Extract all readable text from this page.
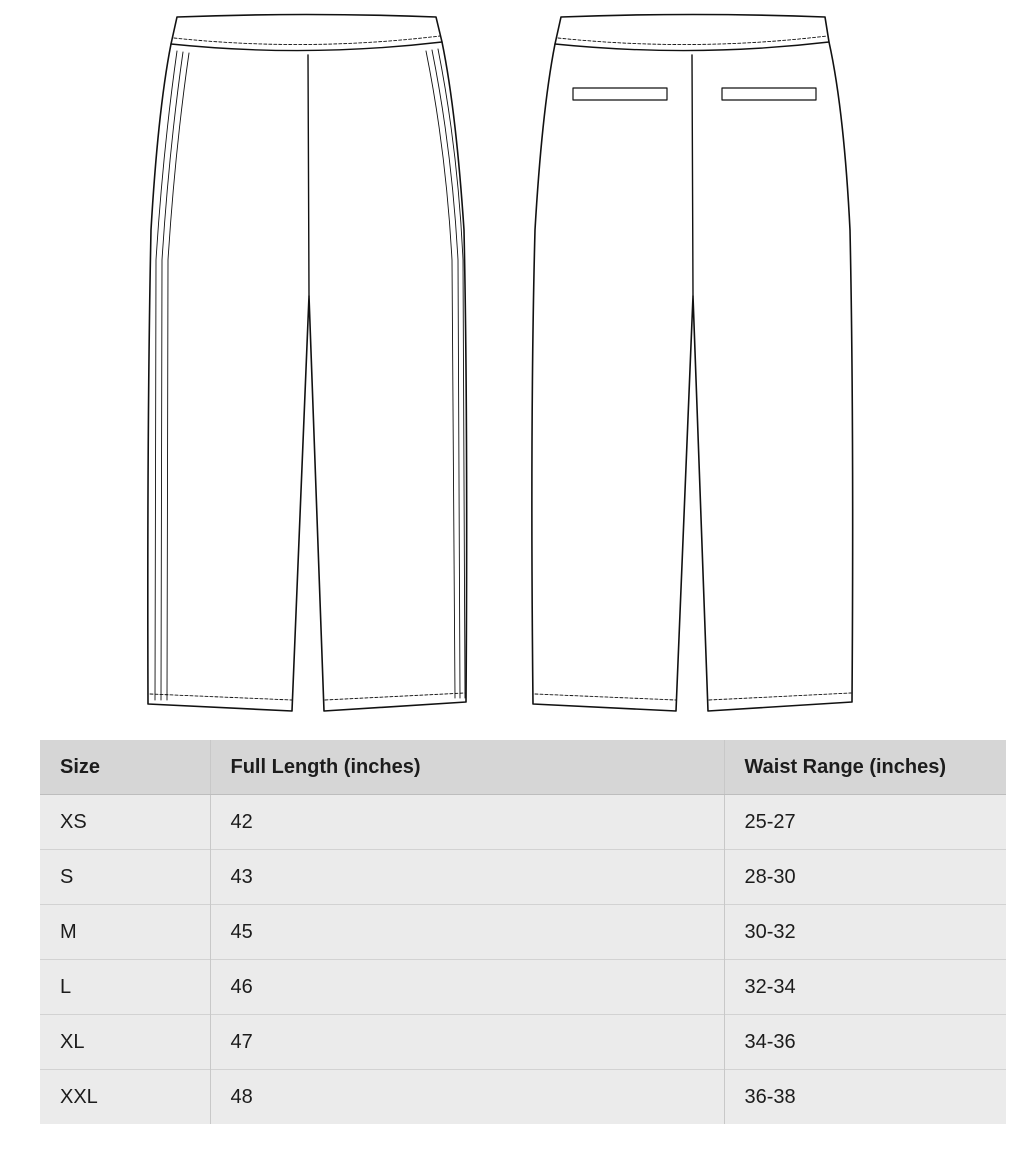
Size	Full Length (inches)	Waist Range (inches)
XS	42	25-27
S	43	28-30
M	45	30-32
L	46	32-34
XL	47	34-36
XXL	48	36-38
